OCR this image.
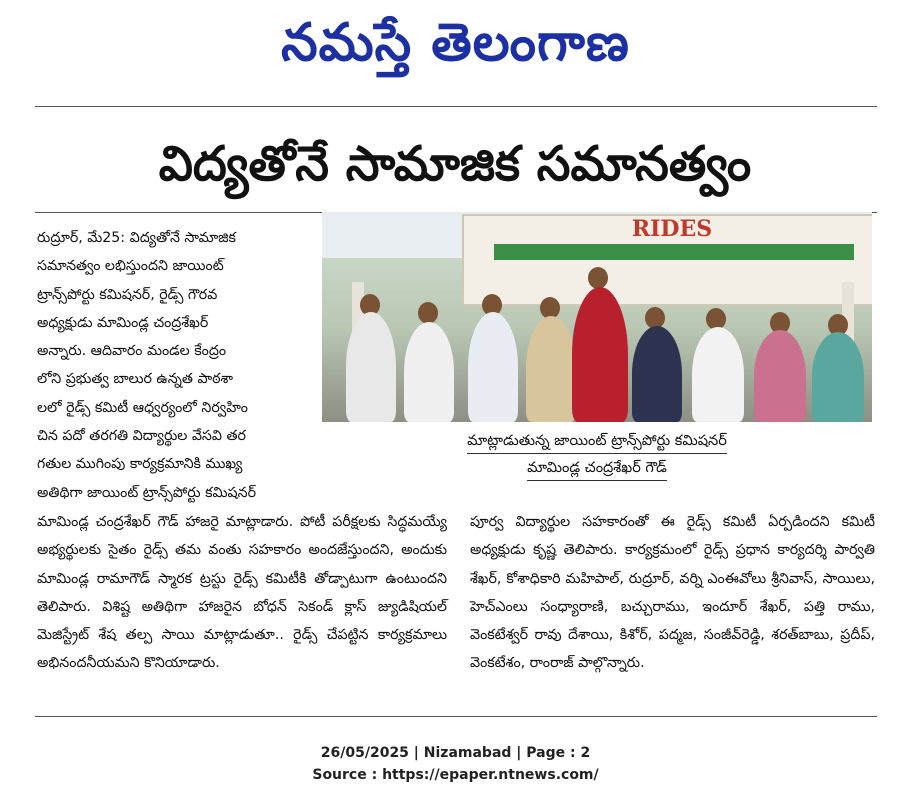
నమస్తే తెలంగాణ
విద్యతోనే సామాజిక సమానత్వం

రుద్రూర్, మే25: విద్యతోనే సామాజిక

సమానత్వం లభిస్తుందని జాయింట్

ట్రాన్స్‌పోర్టు కమిషనర్, రైడ్స్ గౌరవ

అధ్యక్షుడు మామిండ్ల చంద్రశేఖర్

అన్నారు. ఆదివారం మండల కేంద్రం

లోని ప్రభుత్వ బాలుర ఉన్నత పాఠశా

లలో రైడ్స్ కమిటీ ఆధ్వర్యంలో నిర్వహిం

చిన పదో తరగతి విద్యార్థుల వేసవి తర

గతుల ముగింపు కార్యక్రమానికి ముఖ్య

అతిథిగా జాయింట్ ట్రాన్స్‌పోర్టు కమిషనర్

RIDES
మాట్లాడుతున్న జాయింట్ ట్రాన్స్‌పోర్టు కమిషనర్
మామిండ్ల చంద్రశేఖర్ గౌడ్
మామిండ్ల చంద్రశేఖర్ గౌడ్ హాజరై మాట్లాడారు. పోటీ పరీక్షలకు సిద్ధమయ్యే అభ్యర్థులకు సైతం రైడ్స్ తమ వంతు సహకారం అందజేస్తుందని, అందుకు మామిండ్ల రామాగౌడ్ స్మారక ట్రస్టు రైడ్స్ కమిటీకి తోడ్పాటుగా ఉంటుందని తెలిపారు. విశిష్ట అతిథిగా హాజరైన బోధన్ సెకండ్ క్లాస్ జ్యుడిషియల్ మెజిస్ట్రేట్ శేష తల్ప సాయి మాట్లాడుతూ.. రైడ్స్ చేపట్టిన కార్యక్రమాలు అభినందనీయమని కొనియాడారు.
పూర్వ విద్యార్థుల సహకారంతో ఈ రైడ్స్ కమిటీ ఏర్పడిందని కమిటీ అధ్యక్షుడు కృష్ణ తెలిపారు. కార్యక్రమంలో రైడ్స్ ప్రధాన కార్యదర్శి పార్వతి శేఖర్, కోశాధికారి మహిపాల్, రుద్రూర్, వర్ని ఎంఈవోలు శ్రీనివాస్, సాయిలు, హెచ్ఎంలు సంధ్యారాణి, బచ్చురాము, ఇందూర్ శేఖర్, పత్తి రాము, వెంకటేశ్వర్ రావు దేశాయి, కిశోర్, పద్మజ, సంజీవ్‌రెడ్డి, శరత్‌బాబు, ప్రదీప్, వెంకటేశం, రాంరాజ్ పాల్గొన్నారు.
26/05/2025 | Nizamabad | Page : 2
Source : https://epaper.ntnews.com/
